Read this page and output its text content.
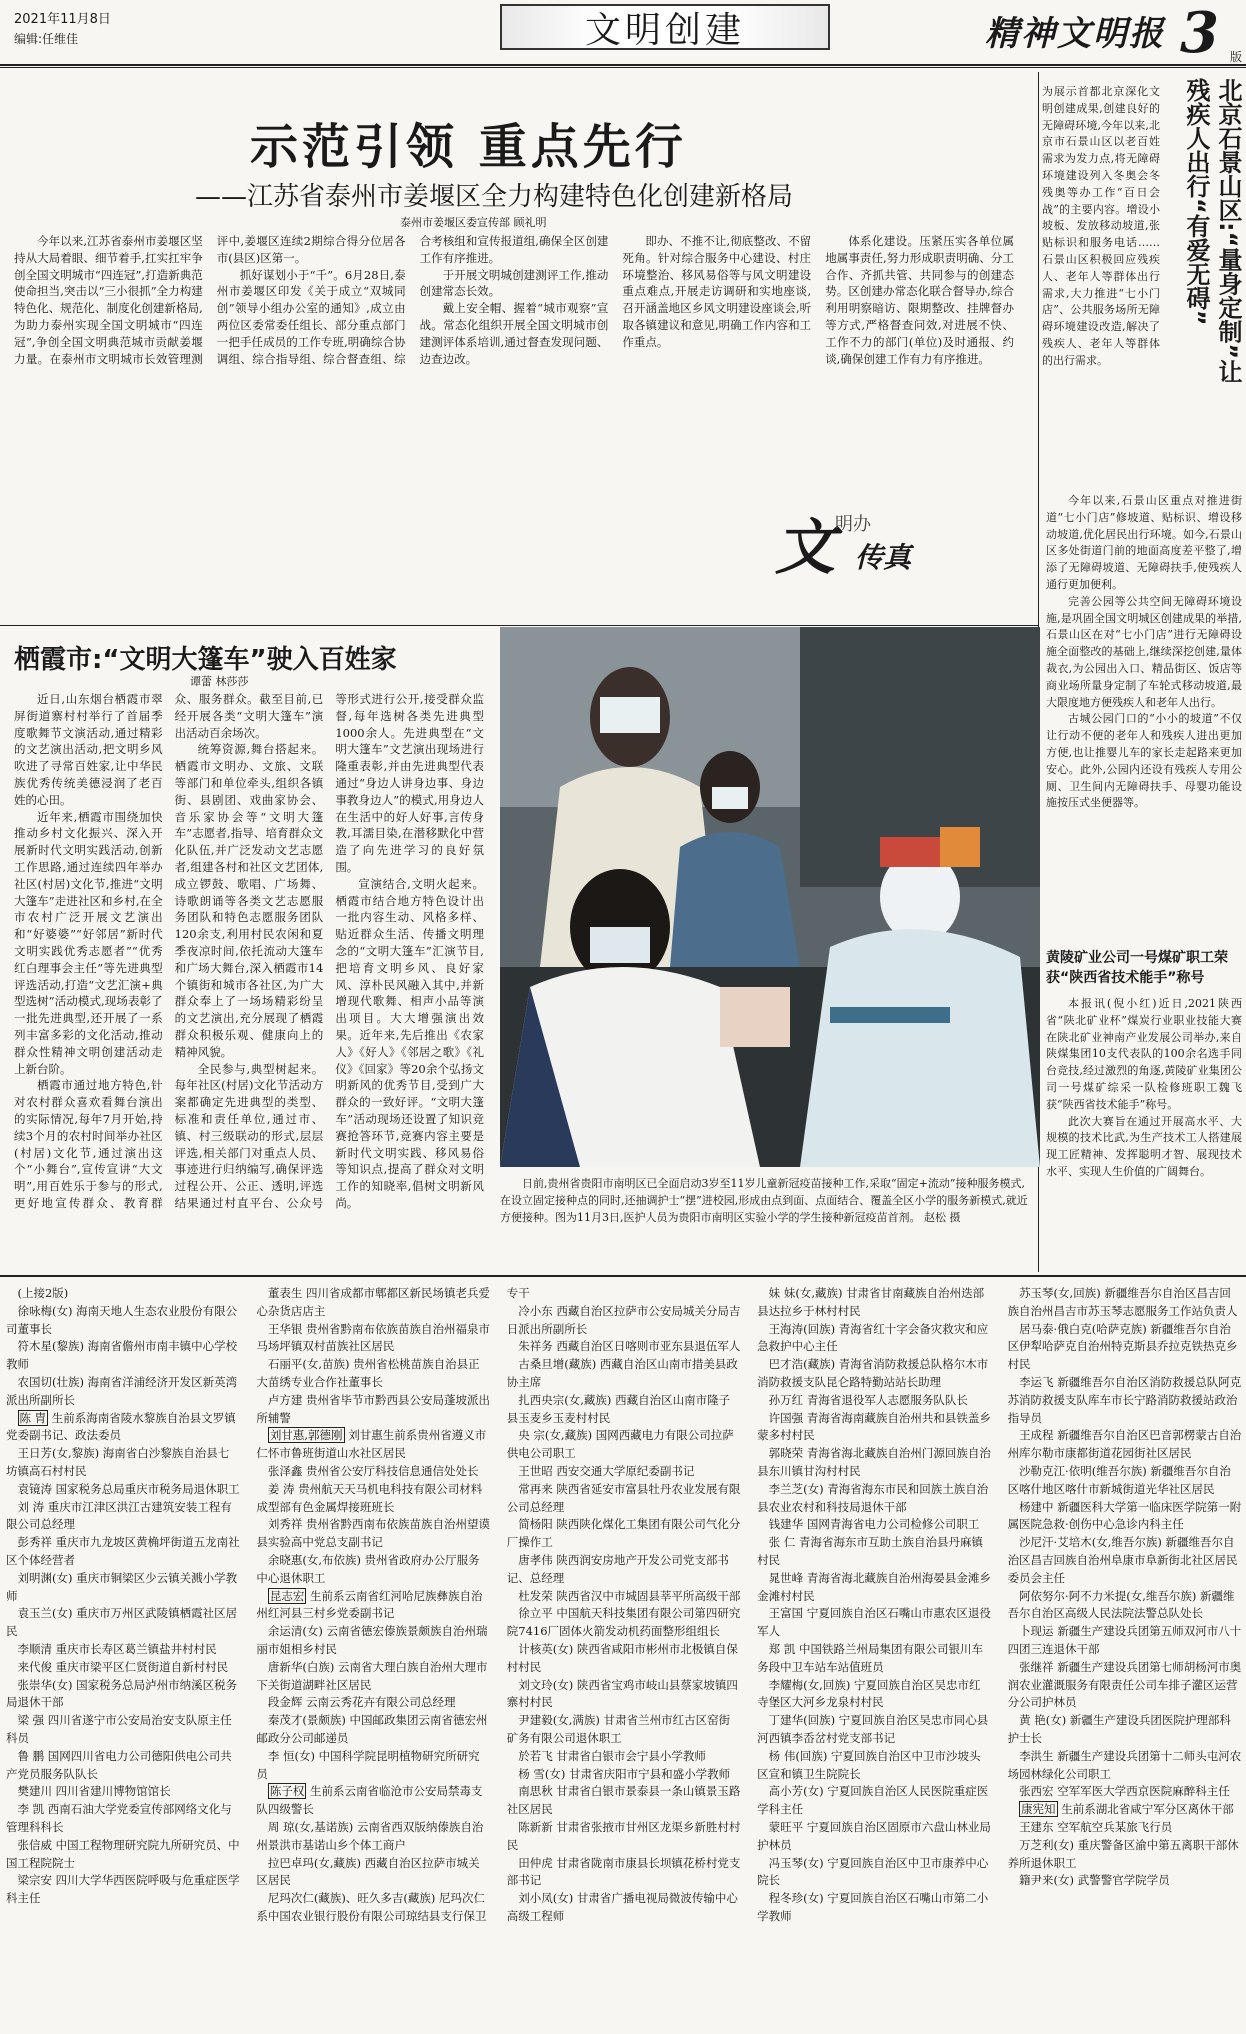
2021年11月8日
编辑:任维佳	文明创建	精神文明报 3 版
示范引领 重点先行
——江苏省泰州市姜堰区全力构建特色化创建新格局
泰州市姜堰区委宣传部 顾礼明

今年以来,江苏省泰州市姜堰区坚持从大局着眼、细节着手,扛实扛牢争创全国文明城市“四连冠”,打造新典范使命担当,突击以“三小很抓”全力构建特色化、规范化、制度化创建新格局,为助力泰州实现全国文明城市“四连冠”,争创全国文明典范城市贡献姜堰力量。在泰州市文明城市长效管理测评中,姜堰区连续2期综合得分位居各市(县区)区第一。

抓好谋划小于“千”。6月28日,泰州市姜堰区印发《关于成立“双城同创”领导小组办公室的通知》,成立由两位区委常委任组长、部分重点部门一把手任成员的工作专班,明确综合协调组、综合指导组、综合督查组、综合考核组和宣传报道组,确保全区创建工作有序推进。

于开展文明城创建测评工作,推动创建常态长效。

戴上安全帽、握着“城市观察”宣战。常态化组织开展全国文明城市创建测评体系培训,通过督查发现问题、边查边改。

即办、不推不让,彻底整改、不留死角。针对综合服务中心建设、村庄环境整治、移风易俗等与风文明建设重点难点,开展走访调研和实地座谈,召开涵盖地区乡风文明建设座谈会,听取各镇建议和意见,明确工作内容和工作重点。

体系化建设。压紧压实各单位属地属事责任,努力形成职责明确、分工合作、齐抓共管、共同参与的创建态势。区创建办常态化联合督导办,综合利用明察暗访、限期整改、挂牌督办等方式,严格督查问效,对进展不快、工作不力的部门(单位)及时通报、约谈,确保创建工作有力有序推进。

文 明办
传真
北京石景山区:“量身定制”让残疾人出行“有爱无碍”
为展示首都北京深化文明创建成果,创建良好的无障碍环境,今年以来,北京市石景山区以老百姓需求为发力点,将无障碍环境建设列入冬奥会冬残奥等办工作“百日会战”的主要内容。增设小坡板、发放移动坡道,张贴标识和服务电话……石景山区积极回应残疾人、老年人等群体出行需求,大力推进“七小门店”、公共服务场所无障碍环境建设改造,解决了残疾人、老年人等群体的出行需求。

今年以来,石景山区重点对推进街道“七小门店”修坡道、贴标识、增设移动坡道,优化居民出行环境。如今,石景山区多处街道门前的地面高度差平整了,增添了无障碍坡道、无障碍扶手,使残疾人通行更加便利。

完善公园等公共空间无障碍环境设施,是巩固全国文明城区创建成果的举措,石景山区在对“七小门店”进行无障碍设施全面整改的基础上,继续深挖创建,量体裁衣,为公园出入口、精品街区、饭店等商业场所量身定制了车轮式移动坡道,最大限度地方便残疾人和老年人出行。

古城公园门口的“小小的坡道”不仅让行动不便的老年人和残疾人进出更加方便,也让推婴儿车的家长走起路来更加安心。此外,公园内还设有残疾人专用公厕、卫生间内无障碍扶手、母婴功能设施按压式坐便器等。

黄陵矿业公司一号煤矿职工荣获“陕西省技术能手”称号

本报讯(倪小红)近日,2021陕西省“陕北矿业杯”煤炭行业职业技能大赛在陕北矿业神南产业发展公司举办,来自陕煤集团10支代表队的100余名选手同台竞技,经过激烈的角逐,黄陵矿业集团公司一号煤矿综采一队检修班职工魏飞获“陕西省技术能手”称号。

此次大赛旨在通过开展高水平、大规模的技术比武,为生产技术工人搭建展现工匠精神、发挥聪明才智、展现技术水平、实现人生价值的广阔舞台。

栖霞市:“文明大篷车”驶入百姓家
谭蕾 林莎莎

近日,山东烟台栖霞市翠屏街道寨村村举行了首届季度歌舞节文演活动,通过精彩的文艺演出活动,把文明乡风吹进了寻常百姓家,让中华民族优秀传统美德浸润了老百姓的心田。

近年来,栖霞市围绕加快推动乡村文化振兴、深入开展新时代文明实践活动,创新工作思路,通过连续四年举办社区(村居)文化节,推进“文明大篷车”走进社区和乡村,在全市农村广泛开展文艺演出和“好婆婆”“好邻居”新时代文明实践优秀志愿者”“优秀红白理事会主任”等先进典型评选活动,打造“文艺汇演+典型选树”活动模式,现场表彰了一批先进典型,还开展了一系列丰富多彩的文化活动,推动群众性精神文明创建活动走上新台阶。

栖霞市通过地方特色,针对农村群众喜欢看舞台演出的实际情况,每年7月开始,持续3个月的农村时间举办社区(村居)文化节,通过演出这个“小舞台”,宣传宣讲“大文明”,用百姓乐于参与的形式,更好地宣传群众、教育群众、服务群众。截至目前,已经开展各类“文明大篷车”演出活动百余场次。

统筹资源,舞台搭起来。栖霞市文明办、文旅、文联等部门和单位牵头,组织各镇街、县剧团、戏曲家协会、音乐家协会等“文明大篷车”志愿者,指导、培育群众文化队伍,并广泛发动文艺志愿者,组建各村和社区文艺团体,成立锣鼓、歌唱、广场舞、诗歌朗诵等各类文艺志愿服务团队和特色志愿服务团队120余支,利用村民农闲和夏季夜凉时间,依托流动大篷车和广场大舞台,深入栖霞市14个镇街和城市各社区,为广大群众奉上了一场场精彩纷呈的文艺演出,充分展现了栖霞群众积极乐观、健康向上的精神风貌。

全民参与,典型树起来。每年社区(村居)文化节活动方案都确定先进典型的类型、标准和责任单位,通过市、镇、村三级联动的形式,层层评选,相关部门对重点人员、事迹进行归纳编写,确保评选过程公开、公正、透明,评选结果通过村直平台、公众号等形式进行公开,接受群众监督,每年选树各类先进典型1000余人。先进典型在“文明大篷车”文艺演出现场进行隆重表彰,并由先进典型代表通过“身边人讲身边事、身边事教身边人”的模式,用身边人在生活中的好人好事,言传身教,耳濡目染,在潜移默化中营造了向先进学习的良好氛围。

宣演结合,文明火起来。栖霞市结合地方特色设计出一批内容生动、风格多样、贴近群众生活、传播文明理念的“文明大篷车”汇演节目,把培育文明乡风、良好家风、淳朴民风融入其中,并新增现代歌舞、相声小品等演出项目。大大增强演出效果。近年来,先后推出《农家人》《好人》《邻居之歌》《礼仪》《回家》等20余个弘扬文明新风的优秀节目,受到广大群众的一致好评。“文明大篷车”活动现场还设置了知识竞赛抢答环节,竞赛内容主要是新时代文明实践、移风易俗等知识点,提高了群众对文明工作的知晓率,倡树文明新风尚。

日前,贵州省贵阳市南明区已全面启动3岁至11岁儿童新冠疫苗接种工作,采取“固定+流动”接种服务模式,在设立固定接种点的同时,还抽调护士“摆”进校园,形成由点到面、点面结合、覆盖全区小学的服务新模式,就近方便接种。图为11月3日,医护人员为贵阳市南明区实验小学的学生接种新冠疫苗首剂。 赵松 摄
(上接2版)
徐咏梅(女) 海南天地人生态农业股份有限公司董事长
符木星(黎族) 海南省儋州市南丰镇中心学校教师
农国切(壮族) 海南省洋浦经济开发区新英湾派出所副所长
陈 胄 生前系海南省陵水黎族自治县文罗镇党委副书记、政法委员
王日芳(女,黎族) 海南省白沙黎族自治县七坊镇高石村村民
袁镜涛 国家税务总局重庆市税务局退休职工
刘 涛 重庆市江津区洪江古建筑安装工程有限公司总经理
彭秀祥 重庆市九龙坡区黄桷坪街道五龙南社区个体经营者
刘明渊(女) 重庆市铜梁区少云镇关溅小学教师
袁玉兰(女) 重庆市万州区武陵镇栖霞社区居民
李顺清 重庆市长寿区葛兰镇盐井村村民
来代俊 重庆市梁平区仁贤街道自新村村民
张崇华(女) 国家税务总局泸州市纳溪区税务局退休干部
梁 强 四川省遂宁市公安局治安支队原主任科员
鲁 鹏 国网四川省电力公司德阳供电公司共产党员服务队队长
樊建川 四川省建川博物馆馆长
李 凯 西南石油大学党委宣传部网络文化与管理科科长
张信威 中国工程物理研究院九所研究员、中国工程院院士
梁宗安 四川大学华西医院呼吸与危重症医学科主任
董表生 四川省成都市郫都区新民场镇老兵爱心杂货店店主
王华银 贵州省黔南布依族苗族自治州福泉市马场坪镇双村苗族社区居民
石丽平(女,苗族) 贵州省松桃苗族自治县正大苗绣专业合作社董事长
卢方建 贵州省毕节市黔西县公安局蓬坡派出所辅警
刘甘惠,郭德刚 刘甘惠生前系贵州省遵义市仁怀市鲁班街道山水社区居民
张泽鑫 贵州省公安厅科技信息通信处处长
姜 涛 贵州航天天马机电科技有限公司材料成型部有色金属焊接班班长
刘秀祥 贵州省黔西南布依族苗族自治州望谟县实验高中党总支副书记
余晓惠(女,布依族) 贵州省政府办公厅服务中心退休职工
昆志宏 生前系云南省红河哈尼族彝族自治州红河县三村乡党委副书记
余运清(女) 云南省德宏傣族景颇族自治州瑞丽市姐相乡村民
唐新华(白族) 云南省大理白族自治州大理市下关街道湖畔社区居民
段金辉 云南云秀花卉有限公司总经理
秦茂才(景颇族) 中国邮政集团云南省德宏州邮政分公司邮递员
李 恒(女) 中国科学院昆明植物研究所研究员
陈子权 生前系云南省临沧市公安局禁毒支队四级警长
周 琼(女,基诺族) 云南省西双版纳傣族自治州景洪市基诺山乡个体工商户
拉巴卓玛(女,藏族) 西藏自治区拉萨市城关区居民
尼玛次仁(藏族)、旺久多吉(藏族) 尼玛次仁系中国农业银行股份有限公司琼结县支行保卫专干
冷小东 西藏自治区拉萨市公安局城关分局吉日派出所副所长
朱祥务 西藏自治区日喀则市亚东县退伍军人
古桑旦增(藏族) 西藏自治区山南市措美县政协主席
扎西央宗(女,藏族) 西藏自治区山南市隆子县玉麦乡玉麦村村民
央 宗(女,藏族) 国网西藏电力有限公司拉萨供电公司职工
王世昭 西安交通大学原纪委副书记
常再来 陕西省延安市富县牡丹农业发展有限公司总经理
简杨阳 陕西陕化煤化工集团有限公司气化分厂操作工
唐孝伟 陕西润安房地产开发公司党支部书记、总经理
杜发荣 陕西省汉中市城固县莘平所高级干部
徐立平 中国航天科技集团有限公司第四研究院7416厂固体火箭发动机药面整形组组长
计核英(女) 陕西省咸阳市彬州市北极镇自保村村民
刘文玲(女) 陕西省宝鸡市岐山县蔡家坡镇四寨村村民
尹建毅(女,满族) 甘肃省兰州市红古区窑街矿务有限公司退休职工
於若飞 甘肃省白银市会宁县小学教师
杨 雪(女) 甘肃省庆阳市宁县和盛小学教师
南思秋 甘肃省白银市景泰县一条山镇景玉路社区居民
陈新新 甘肃省张掖市甘州区龙渠乡新胜村村民
田仲虎 甘肃省陇南市康县长坝镇花桥村党支部书记
刘小凤(女) 甘肃省广播电视局微波传输中心高级工程师
妹 妹(女,藏族) 甘肃省甘南藏族自治州迭部县达拉乡于林村村民
王海涛(回族) 青海省红十字会备灾救灾和应急救护中心主任
巴才浩(藏族) 青海省消防救援总队格尔木市消防救援支队昆仑路特勤站站长助理
孙万红 青海省退役军人志愿服务队队长
许国强 青海省海南藏族自治州共和县铁盖乡蒙多村村民
郭晓荣 青海省海北藏族自治州门源回族自治县东川镇甘沟村村民
李兰芝(女) 青海省海东市民和回族土族自治县农业农村和科技局退休干部
钱建华 国网青海省电力公司检修公司职工
张 仁 青海省海东市互助土族自治县丹麻镇村民
晁世峰 青海省海北藏族自治州海晏县金滩乡金滩村村民
王富国 宁夏回族自治区石嘴山市惠农区退役军人
郑 凯 中国铁路兰州局集团有限公司银川车务段中卫车站车站值班员
李耀梅(女,回族) 宁夏回族自治区吴忠市红寺堡区大河乡龙泉村村民
丁建华(回族) 宁夏回族自治区吴忠市同心县河西镇李岙岔村党支部书记
杨 伟(回族) 宁夏回族自治区中卫市沙坡头区宣和镇卫生院院长
高小芳(女) 宁夏回族自治区人民医院重症医学科主任
蒙旺平 宁夏回族自治区固原市六盘山林业局护林员
冯玉琴(女) 宁夏回族自治区中卫市康养中心院长
程冬珍(女) 宁夏回族自治区石嘴山市第二小学教师
苏玉琴(女,回族) 新疆维吾尔自治区昌吉回族自治州昌吉市苏玉琴志愿服务工作站负责人
居马泰·俄白克(哈萨克族) 新疆维吾尔自治区伊犁哈萨克自治州特克斯县乔拉克铁热克乡村民
李运飞 新疆维吾尔自治区消防救援总队阿克苏消防救援支队库车市长宁路消防救援站政治指导员
王成程 新疆维吾尔自治区巴音郭楞蒙古自治州库尔勒市康都街道花园街社区居民
沙勒克江·依明(维吾尔族) 新疆维吾尔自治区喀什地区喀什市新城街道光华社区居民
杨建中 新疆医科大学第一临床医学院第一附属医院急救·创伤中心急诊内科主任
沙尼汗·艾培木(女,维吾尔族) 新疆维吾尔自治区昌吉回族自治州阜康市阜新街北社区居民委员会主任
阿依努尔·阿不力米提(女,维吾尔族) 新疆维吾尔自治区高级人民法院法警总队处长
卜现运 新疆生产建设兵团第五师双河市八十四团三连退休干部
张继祥 新疆生产建设兵团第七师胡杨河市奥润农业灌溉服务有限责任公司车排子灌区运营分公司护林员
黄 艳(女) 新疆生产建设兵团医院护理部科护士长
李洪生 新疆生产建设兵团第十二师头屯河农场园林绿化公司职工
张西宏 空军军医大学西京医院麻醉科主任
康宪知 生前系湖北省咸宁军分区离休干部
王建东 空军航空兵某旅飞行员
万芝利(女) 重庆警备区渝中第五离职干部休养所退休职工
籍尹来(女) 武警警官学院学员
